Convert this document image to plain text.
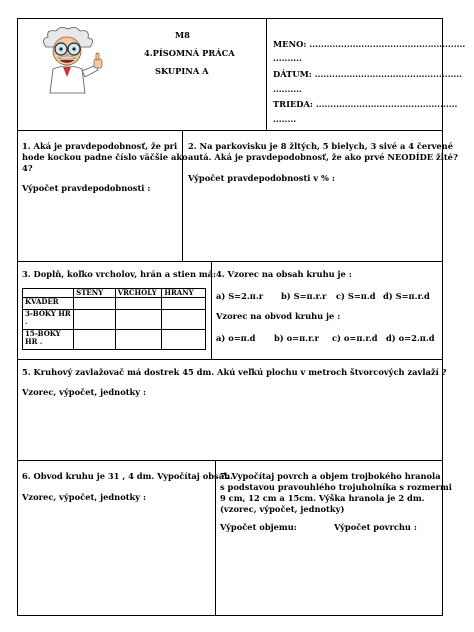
M8
4.PÍSOMNÁ PRÁCA
SKUPINA A
MENO: ......................................................
..........
DÁTUM: ...................................................
..........
TRIEDA: .................................................
........
1. Aká je pravdepodobnosť, že pri
hode kockou padne číslo väčšie ako
4?
Výpočet pravdepodobnosti :
2. Na parkovisku je 8 žltých, 5 bielych, 3 sivé a 4 červené
autá. Aká je pravdepodobnosť, že ako prvé NEODÍDE žlté?
Výpočet pravdepodobnosti v % :
3. Doplň, koľko vrcholov, hrán a stien má:
	STENY	VRCHOLY	HRANY
KVÁDER			
3-BOKÝ HR .			
15-BOKÝ HR .			
4. Vzorec na obsah kruhu je :
a) S=2.π.r b) S=π.r.r c) S=π.d d) S=π.r.d
Vzorec na obvod kruhu je :
a) o=π.d b) o=π.r.r c) o=π.r.d d) o=2.π.d
5. Kruhový zavlažovač má dostrek 45 dm. Akú veľkú plochu v metroch štvorcových zavlaží ?
Vzorec, výpočet, jednotky :
6. Obvod kruhu je 31 , 4 dm. Vypočítaj obsah.
Vzorec, výpočet, jednotky :
7. Vypočítaj povrch a objem trojbokého hranola
s podstavou pravouhlého trojuholníka s rozmermi
9 cm, 12 cm a 15cm. Výška hranola je 2 dm.
(vzorec, výpočet, jednotky)
Výpočet objemu:	Výpočet povrchu :
